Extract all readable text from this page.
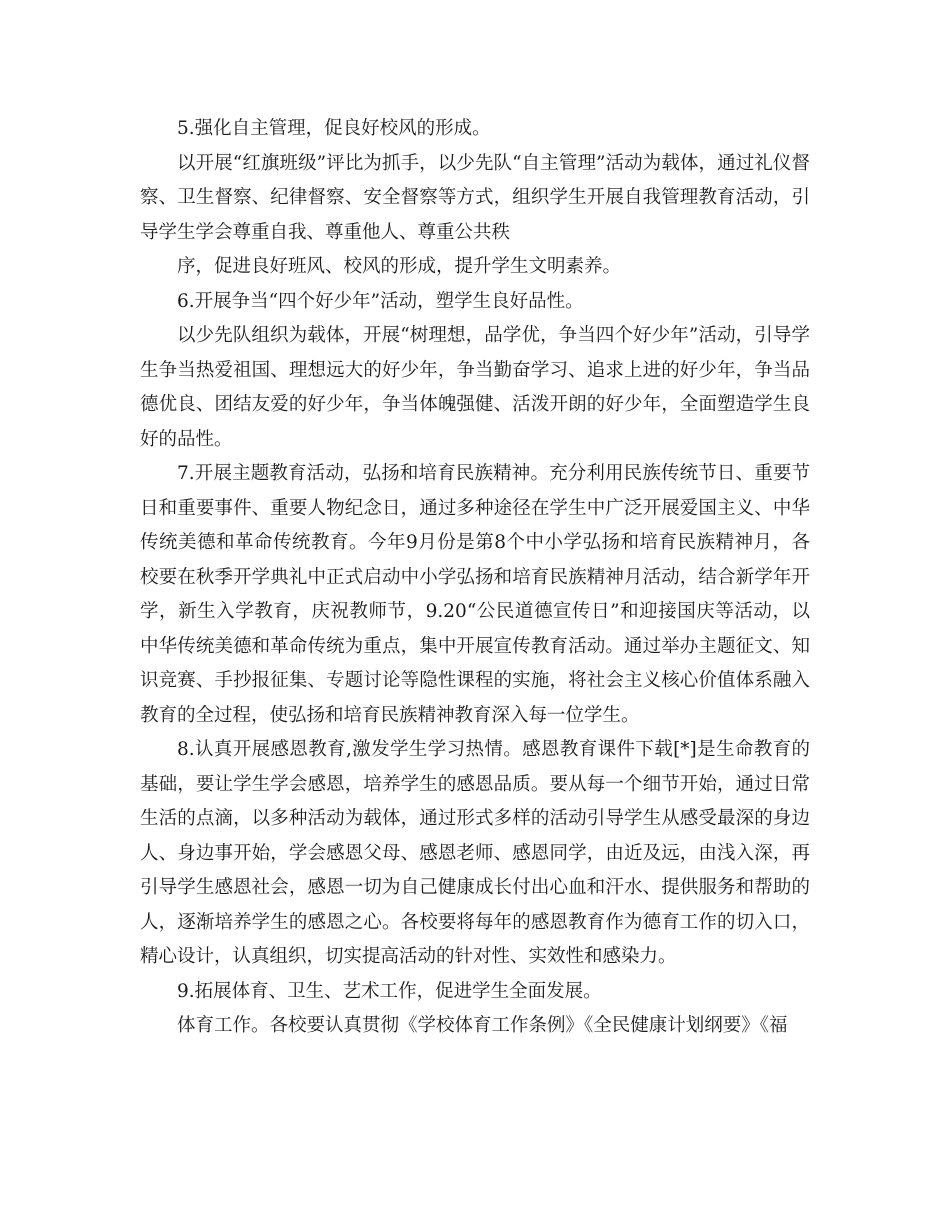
5.强化自主管理，促良好校风的形成。

以开展“红旗班级”评比为抓手，以少先队“自主管理”活动为载体，通过礼仪督察、卫生督察、纪律督察、安全督察等方式，组织学生开展自我管理教育活动，引导学生学会尊重自我、尊重他人、尊重公共秩

序，促进良好班风、校风的形成，提升学生文明素养。

6.开展争当“四个好少年”活动，塑学生良好品性。

以少先队组织为载体，开展“树理想，品学优，争当四个好少年”活动，引导学生争当热爱祖国、理想远大的好少年，争当勤奋学习、追求上进的好少年，争当品德优良、团结友爱的好少年，争当体魄强健、活泼开朗的好少年，全面塑造学生良好的品性。

7.开展主题教育活动，弘扬和培育民族精神。充分利用民族传统节日、重要节日和重要事件、重要人物纪念日，通过多种途径在学生中广泛开展爱国主义、中华传统美德和革命传统教育。今年9月份是第8个中小学弘扬和培育民族精神月，各校要在秋季开学典礼中正式启动中小学弘扬和培育民族精神月活动，结合新学年开学，新生入学教育，庆祝教师节，9.20“公民道德宣传日”和迎接国庆等活动，以中华传统美德和革命传统为重点，集中开展宣传教育活动。通过举办主题征文、知识竞赛、手抄报征集、专题讨论等隐性课程的实施，将社会主义核心价值体系融入教育的全过程，使弘扬和培育民族精神教育深入每一位学生。

8.认真开展感恩教育,激发学生学习热情。感恩教育课件下载[*]是生命教育的基础，要让学生学会感恩，培养学生的感恩品质。要从每一个细节开始，通过日常生活的点滴，以多种活动为载体，通过形式多样的活动引导学生从感受最深的身边人、身边事开始，学会感恩父母、感恩老师、感恩同学，由近及远，由浅入深，再引导学生感恩社会，感恩一切为自己健康成长付出心血和汗水、提供服务和帮助的人，逐渐培养学生的感恩之心。各校要将每年的感恩教育作为德育工作的切入口，精心设计，认真组织，切实提高活动的针对性、实效性和感染力。

9.拓展体育、卫生、艺术工作，促进学生全面发展。

体育工作。各校要认真贯彻《学校体育工作条例》《全民健康计划纲要》《福
